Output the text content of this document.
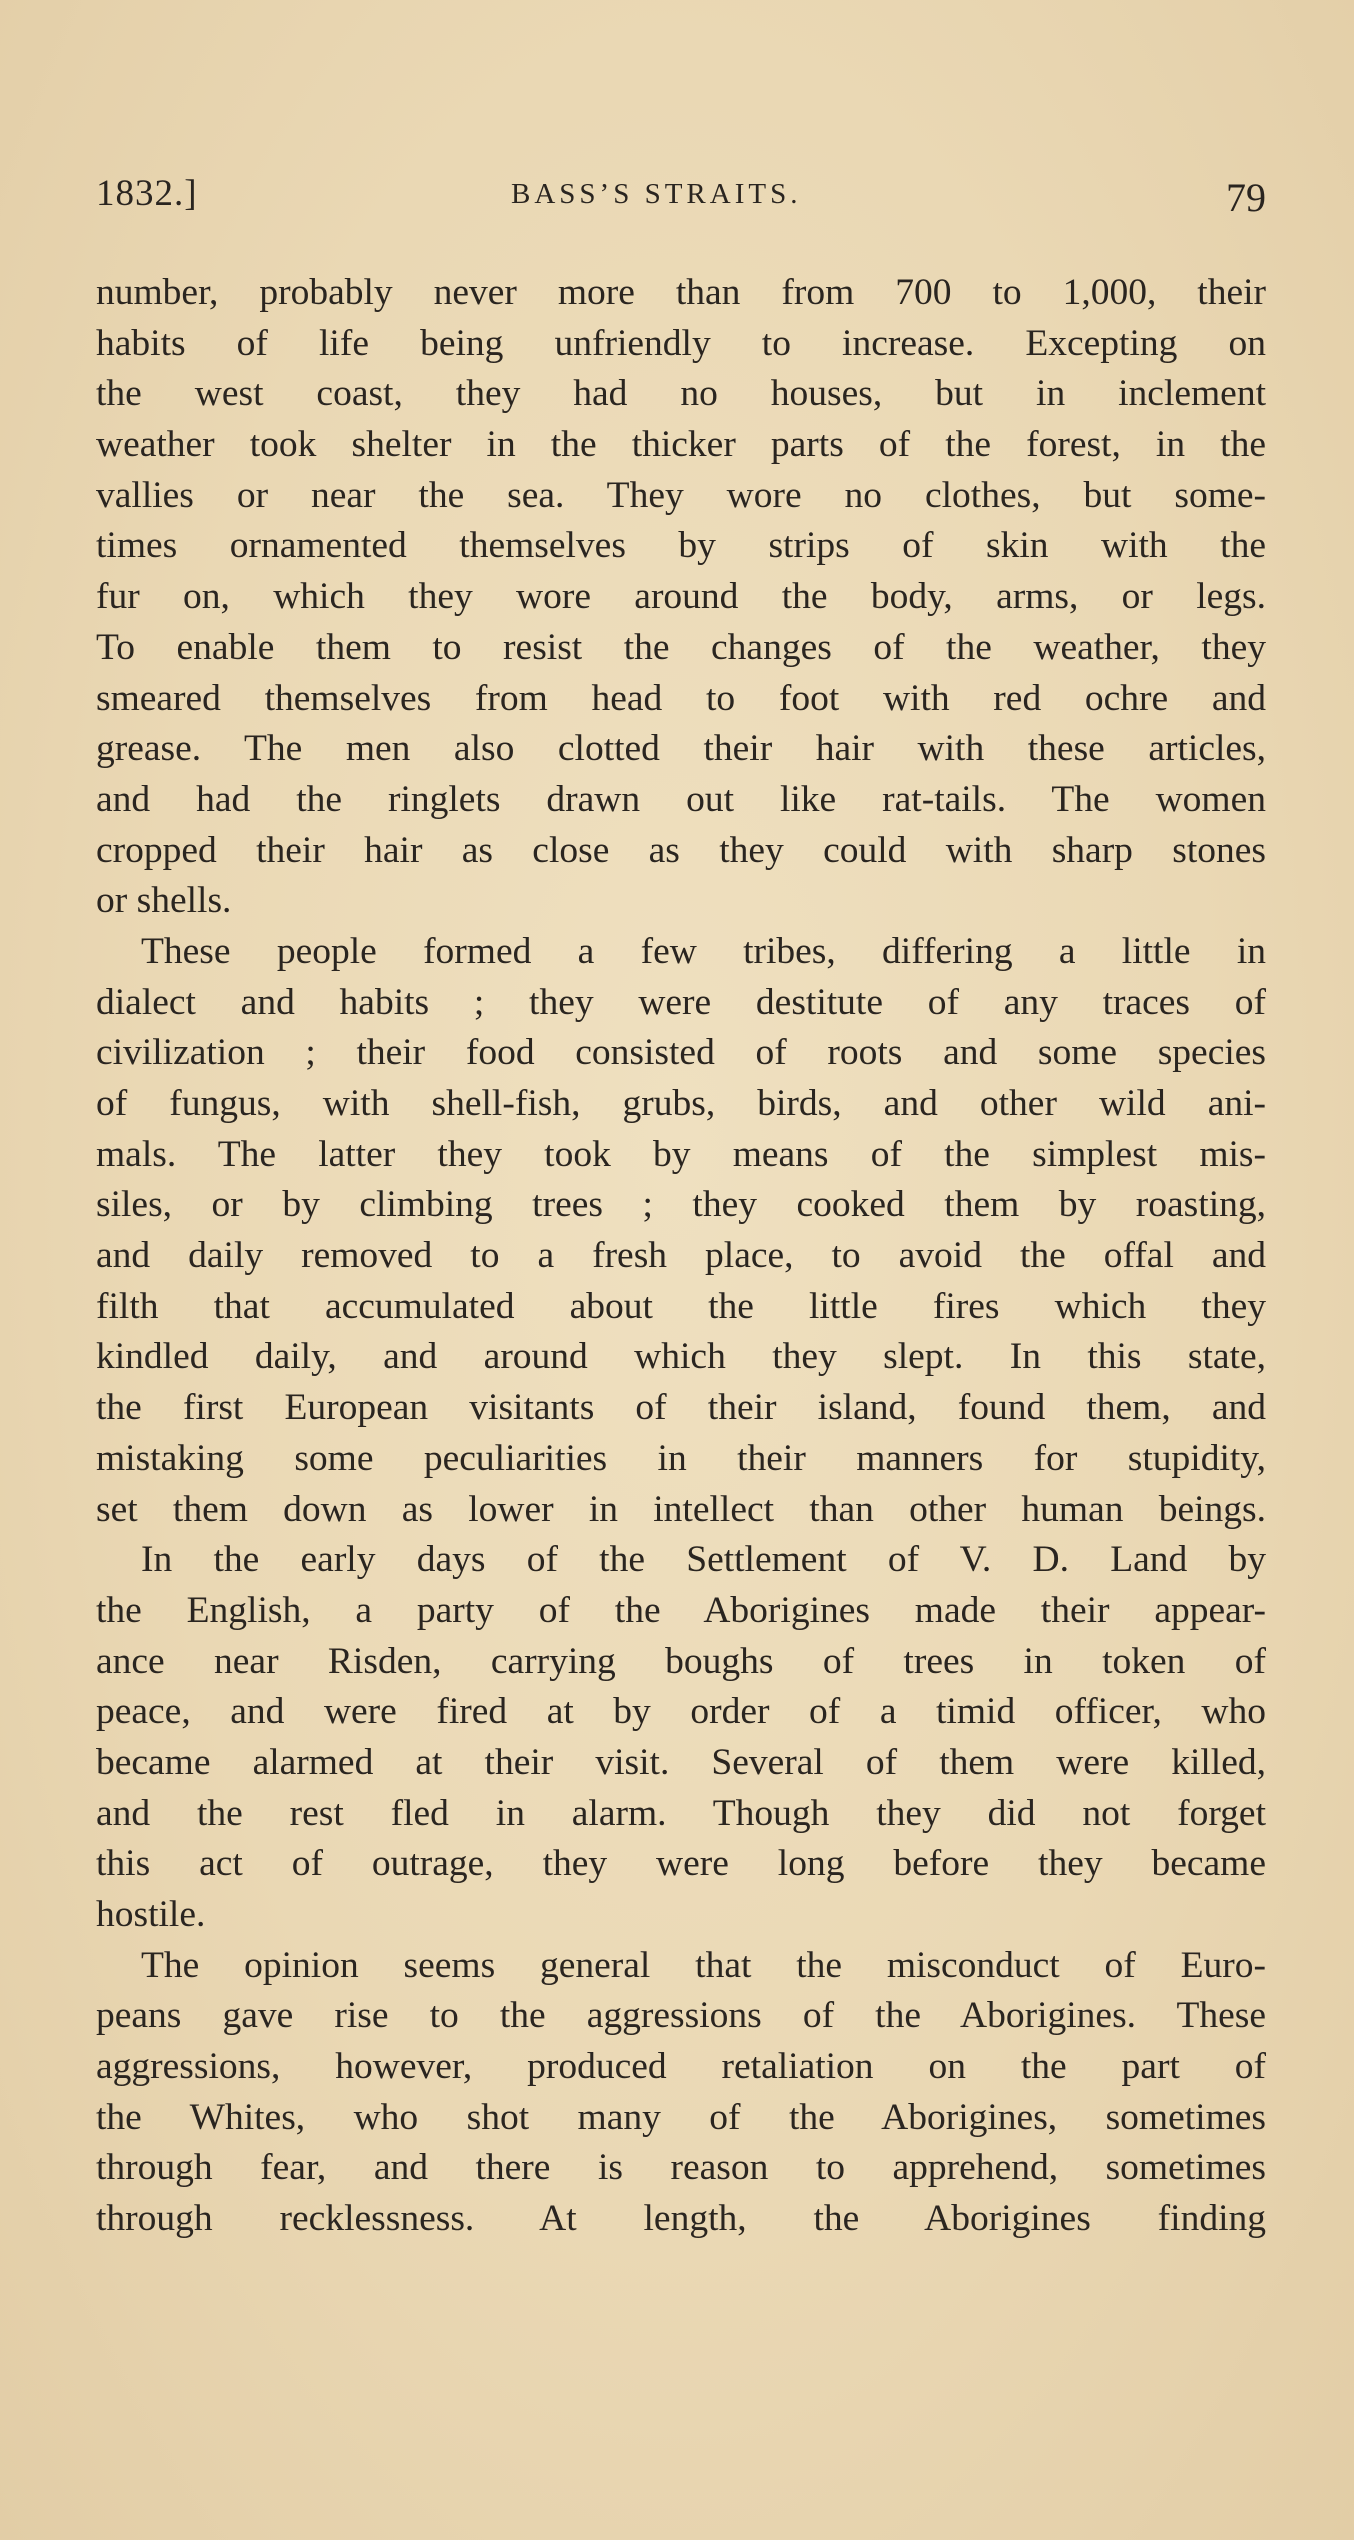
1832.]	BASS’S STRAITS.	79
number, probably never more than from 700 to 1,000, their
habits of life being unfriendly to increase. Excepting on
the west coast, they had no houses, but in inclement
weather took shelter in the thicker parts of the forest, in the
vallies or near the sea. They wore no clothes, but some-
times ornamented themselves by strips of skin with the
fur on, which they wore around the body, arms, or legs.
To enable them to resist the changes of the weather, they
smeared themselves from head to foot with red ochre and
grease. The men also clotted their hair with these articles,
and had the ringlets drawn out like rat-tails. The women
cropped their hair as close as they could with sharp stones
or shells.
These people formed a few tribes, differing a little in
dialect and habits ; they were destitute of any traces of
civilization ; their food consisted of roots and some species
of fungus, with shell-fish, grubs, birds, and other wild ani-
mals. The latter they took by means of the simplest mis-
siles, or by climbing trees ; they cooked them by roasting,
and daily removed to a fresh place, to avoid the offal and
filth that accumulated about the little fires which they
kindled daily, and around which they slept. In this state,
the first European visitants of their island, found them, and
mistaking some peculiarities in their manners for stupidity,
set them down as lower in intellect than other human beings.
In the early days of the Settlement of V. D. Land by
the English, a party of the Aborigines made their appear-
ance near Risden, carrying boughs of trees in token of
peace, and were fired at by order of a timid officer, who
became alarmed at their visit. Several of them were killed,
and the rest fled in alarm. Though they did not forget
this act of outrage, they were long before they became
hostile.
The opinion seems general that the misconduct of Euro-
peans gave rise to the aggressions of the Aborigines. These
aggressions, however, produced retaliation on the part of
the Whites, who shot many of the Aborigines, sometimes
through fear, and there is reason to apprehend, sometimes
through recklessness. At length, the Aborigines finding
